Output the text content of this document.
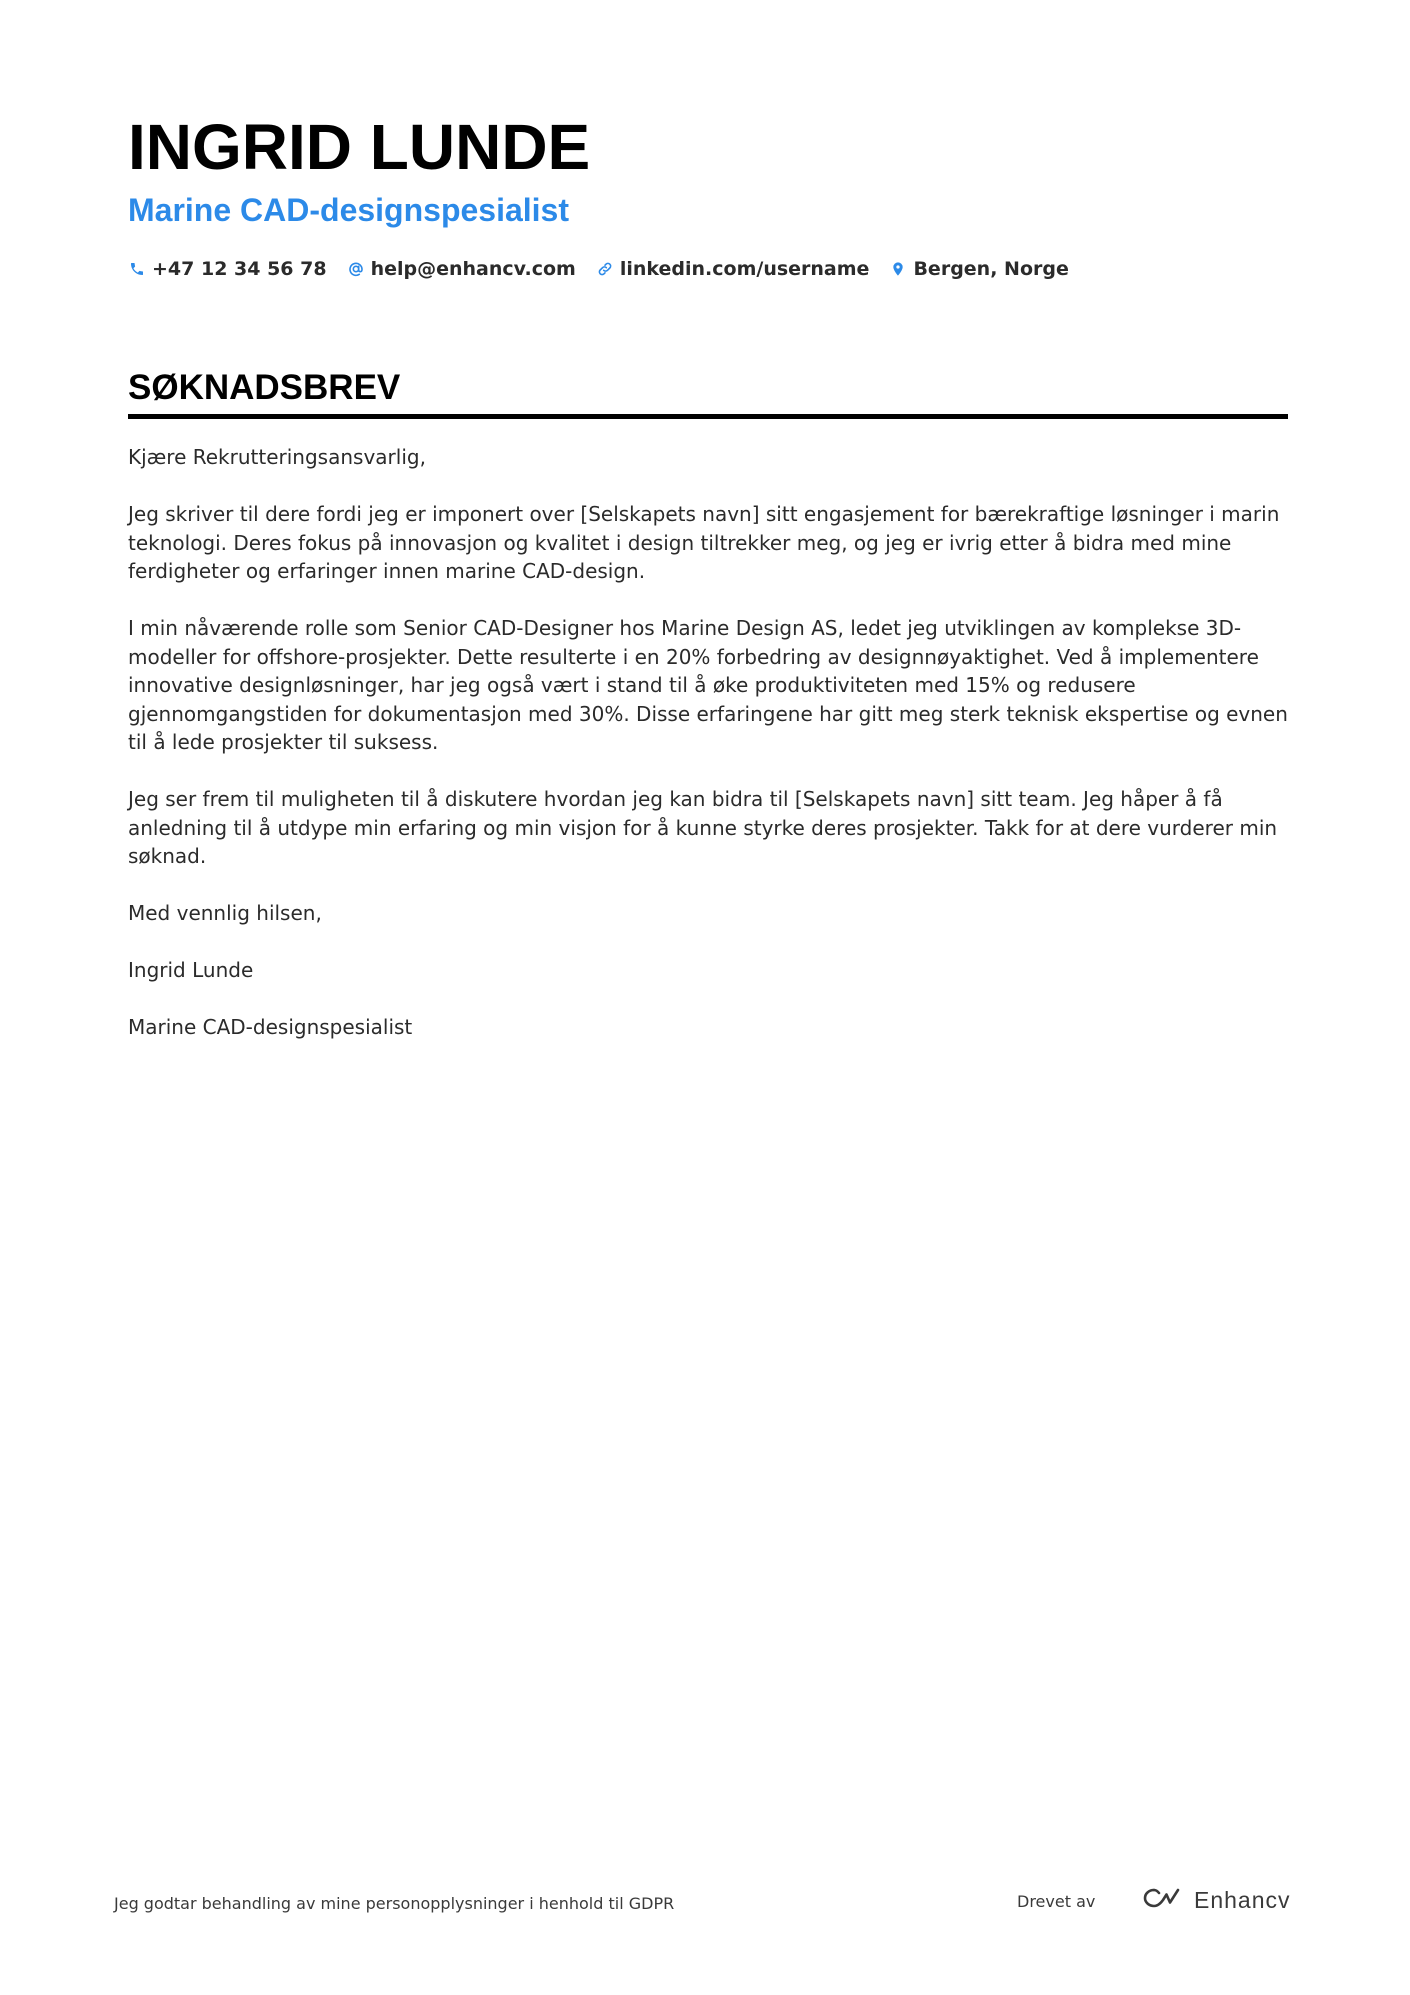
INGRID LUNDE
Marine CAD-designspesialist
+47 12 34 56 78 help@enhancv.com linkedin.com/username Bergen, Norge
SØKNADSBREV

Kjære Rekrutteringsansvarlig,

Jeg skriver til dere fordi jeg er imponert over [Selskapets navn] sitt engasjement for bærekraftige løsninger i marin teknologi. Deres fokus på innovasjon og kvalitet i design tiltrekker meg, og jeg er ivrig etter å bidra med mine ferdigheter og erfaringer innen marine CAD-design.

I min nåværende rolle som Senior CAD-Designer hos Marine Design AS, ledet jeg utviklingen av komplekse 3D-modeller for offshore-prosjekter. Dette resulterte i en 20% forbedring av designnøyaktighet. Ved å implementere innovative designløsninger, har jeg også vært i stand til å øke produktiviteten med 15% og redusere gjennomgangstiden for dokumentasjon med 30%. Disse erfaringene har gitt meg sterk teknisk ekspertise og evnen til å lede prosjekter til suksess.

Jeg ser frem til muligheten til å diskutere hvordan jeg kan bidra til [Selskapets navn] sitt team. Jeg håper å få anledning til å utdype min erfaring og min visjon for å kunne styrke deres prosjekter. Takk for at dere vurderer min søknad.

Med vennlig hilsen,

Ingrid Lunde

Marine CAD-designspesialist

Jeg godtar behandling av mine personopplysninger i henhold til GDPR	Drevet av	Enhancv
